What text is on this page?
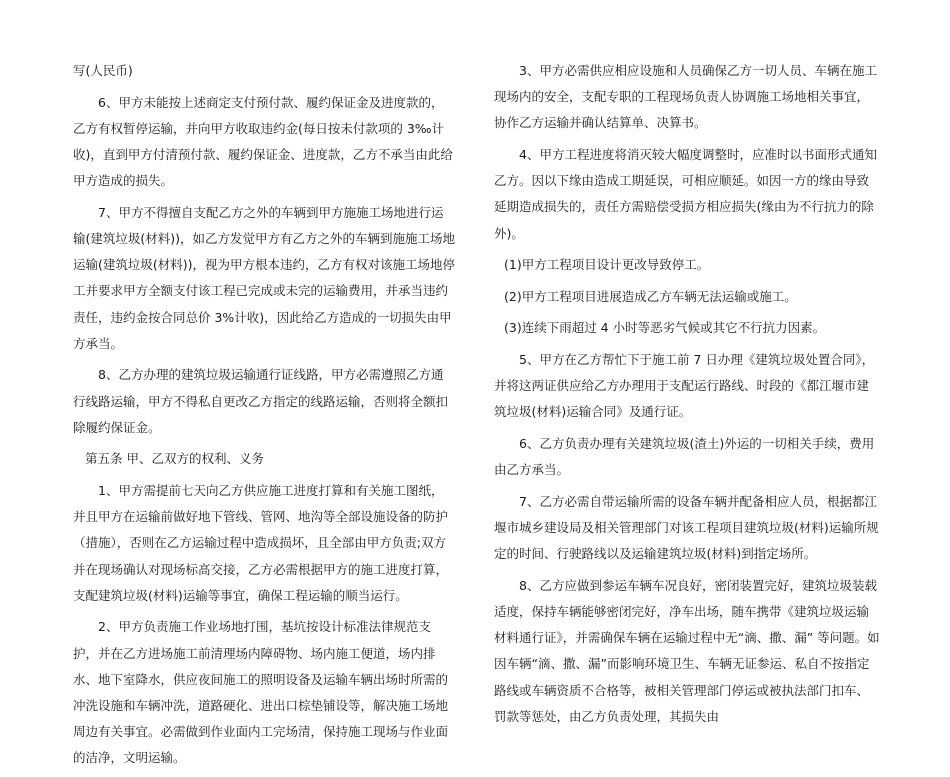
写(人民币)

6、甲方未能按上述商定支付预付款、履约保证金及进度款的，乙方有权暂停运输，并向甲方收取违约金(每日按未付款项的 3‰计收)，直到甲方付清预付款、履约保证金、进度款，乙方不承当由此给甲方造成的损失。

7、甲方不得擅自支配乙方之外的车辆到甲方施施工场地进行运输(建筑垃圾(材料))，如乙方发觉甲方有乙方之外的车辆到施施工场地运输(建筑垃圾(材料))，视为甲方根本违约，乙方有权对该施工场地停工并要求甲方全额支付该工程已完成或未完的运输费用，并承当违约责任，违约金按合同总价 3%计收)，因此给乙方造成的一切损失由甲方承当。

8、乙方办理的建筑垃圾运输通行证线路，甲方必需遵照乙方通行线路运输，甲方不得私自更改乙方指定的线路运输，否则将全额扣除履约保证金。

第五条 甲、乙双方的权利、义务

1、甲方需提前七天向乙方供应施工进度打算和有关施工图纸，并且甲方在运输前做好地下管线、管网、地沟等全部设施设备的防护（措施），否则在乙方运输过程中造成损坏，且全部由甲方负责;双方并在现场确认对现场标高交接，乙方必需根据甲方的施工进度打算，支配建筑垃圾(材料)运输等事宜，确保工程运输的顺当运行。

2、甲方负责施工作业场地打围，基坑按设计标准法律规范支护，并在乙方进场施工前清理场内障碍物、场内施工便道，场内排水、地下室降水，供应夜间施工的照明设备及运输车辆出场时所需的冲洗设施和车辆冲洗，道路硬化、进出口棕垫铺设等，解决施工场地周边有关事宜。必需做到作业面内工完场清，保持施工现场与作业面的洁净，文明运输。

3、甲方必需供应相应设施和人员确保乙方一切人员、车辆在施工现场内的安全，支配专职的工程现场负责人协调施工场地相关事宜，协作乙方运输并确认结算单、决算书。

4、甲方工程进度将消灭较大幅度调整时，应准时以书面形式通知乙方。因以下缘由造成工期延误，可相应顺延。如因一方的缘由导致延期造成损失的，责任方需赔偿受损方相应损失(缘由为不行抗力的除外)。

(1)甲方工程项目设计更改导致停工。

(2)甲方工程项目进展造成乙方车辆无法运输或施工。

(3)连续下雨超过 4 小时等恶劣气候或其它不行抗力因素。

5、甲方在乙方帮忙下于施工前 7 日办理《建筑垃圾处置合同》，并将这两证供应给乙方办理用于支配运行路线、时段的《都江堰市建筑垃圾(材料)运输合同》及通行证。

6、乙方负责办理有关建筑垃圾(渣土)外运的一切相关手续，费用由乙方承当。

7、乙方必需自带运输所需的设备车辆并配备相应人员，根据都江堰市城乡建设局及相关管理部门对该工程项目建筑垃圾(材料)运输所规定的时间、行驶路线以及运输建筑垃圾(材料)到指定场所。

8、乙方应做到参运车辆车况良好，密闭装置完好，建筑垃圾装载适度，保持车辆能够密闭完好，净车出场，随车携带《建筑垃圾运输材料通行证》，并需确保车辆在运输过程中无“滴、撒、漏” 等问题。如因车辆“滴、撒、漏”而影响环境卫生、车辆无证参运、私自不按指定路线或车辆资质不合格等，被相关管理部门停运或被执法部门扣车、罚款等惩处，由乙方负责处理，其损失由
